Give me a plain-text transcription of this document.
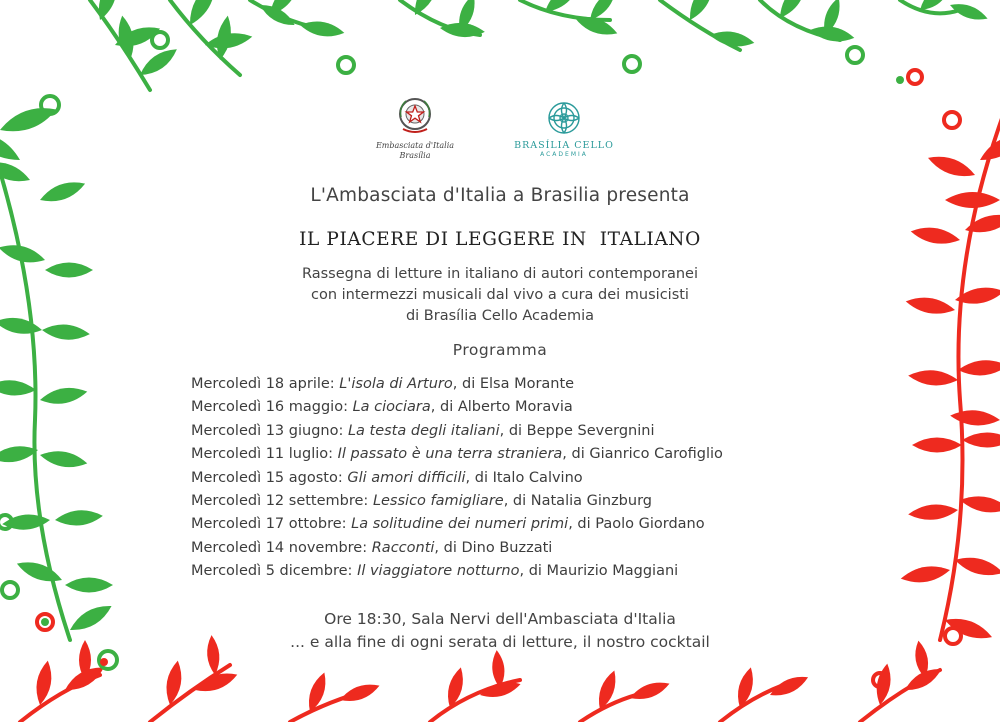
Embasciata d'Italia
Brasília
BRASÍLIA CELLO
ACADEMIA
L'Ambasciata d'Italia a Brasilia presenta
IL PIACERE DI LEGGERE IN  ITALIANO
Rassegna di letture in italiano di autori contemporanei
con intermezzi musicali dal vivo a cura dei musicisti
di Brasília Cello Academia
Programma
Mercoledì 18 aprile: L'isola di Arturo, di Elsa Morante
Mercoledì 16 maggio: La ciociara, di Alberto Moravia
Mercoledì 13 giugno: La testa degli italiani, di Beppe Severgnini
Mercoledì 11 luglio: Il passato è una terra straniera, di Gianrico Carofiglio
Mercoledì 15 agosto: Gli amori difficili, di Italo Calvino
Mercoledì 12 settembre: Lessico famigliare, di Natalia Ginzburg
Mercoledì 17 ottobre: La solitudine dei numeri primi, di Paolo Giordano
Mercoledì 14 novembre: Racconti, di Dino Buzzati
Mercoledì 5 dicembre: Il viaggiatore notturno, di Maurizio Maggiani
Ore 18:30, Sala Nervi dell'Ambasciata d'Italia
... e alla fine di ogni serata di letture, il nostro cocktail
